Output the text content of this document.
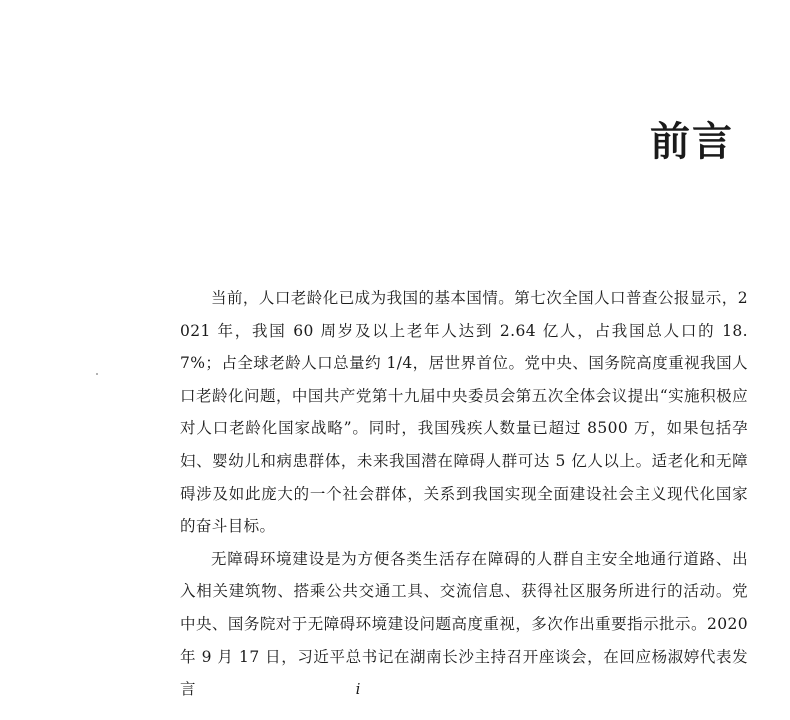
前言

当前，人口老龄化已成为我国的基本国情。第七次全国人口普查公报显示，2021 年，我国 60 周岁及以上老年人达到 2.64 亿人，占我国总人口的 18.7%；占全球老龄人口总量约 1/4，居世界首位。党中央、国务院高度重视我国人口老龄化问题，中国共产党第十九届中央委员会第五次全体会议提出“实施积极应对人口老龄化国家战略”。同时，我国残疾人数量已超过 8500 万，如果包括孕妇、婴幼儿和病患群体，未来我国潜在障碍人群可达 5 亿人以上。适老化和无障碍涉及如此庞大的一个社会群体，关系到我国实现全面建设社会主义现代化国家的奋斗目标。

无障碍环境建设是为方便各类生活存在障碍的人群自主安全地通行道路、出入相关建筑物、搭乘公共交通工具、交流信息、获得社区服务所进行的活动。党中央、国务院对于无障碍环境建设问题高度重视，多次作出重要指示批示。2020 年 9 月 17 日，习近平总书记在湖南长沙主持召开座谈会，在回应杨淑婷代表发言	i
